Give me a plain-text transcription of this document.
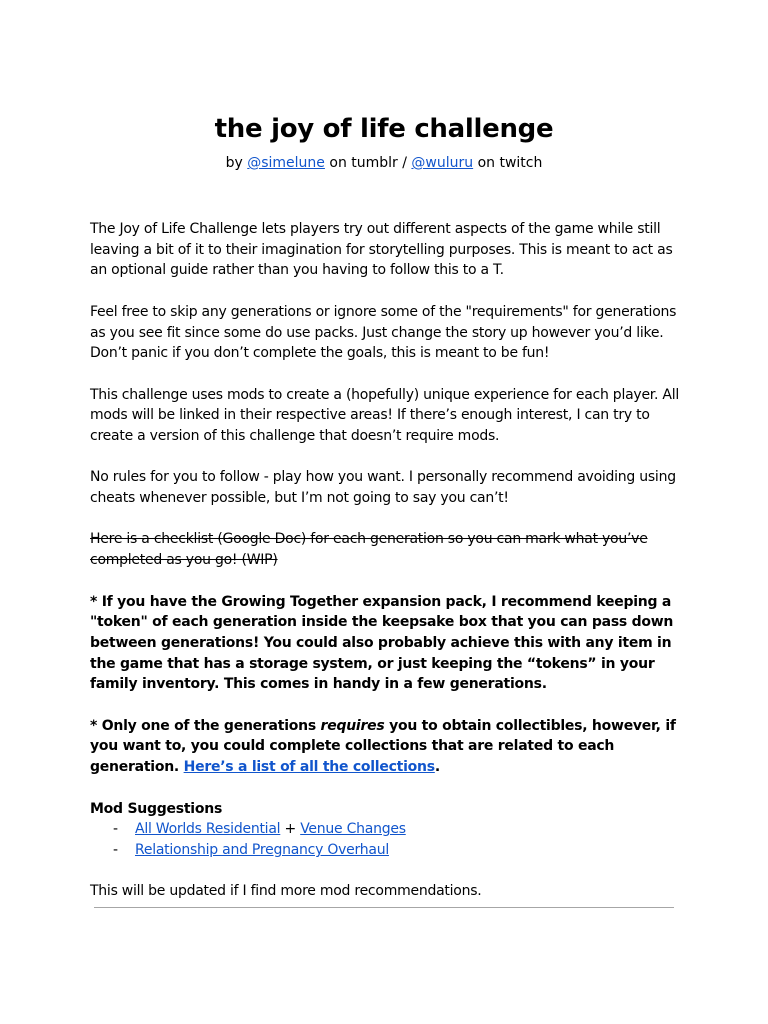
the joy of life challenge
by @simelune on tumblr / @wuluru on twitch

The Joy of Life Challenge lets players try out different aspects of the game while still leaving a bit of it to their imagination for storytelling purposes. This is meant to act as an optional guide rather than you having to follow this to a T.

Feel free to skip any generations or ignore some of the "requirements" for generations as you see fit since some do use packs. Just change the story up however you’d like. Don’t panic if you don’t complete the goals, this is meant to be fun!

This challenge uses mods to create a (hopefully) unique experience for each player. All mods will be linked in their respective areas! If there’s enough interest, I can try to create a version of this challenge that doesn’t require mods.

No rules for you to follow - play how you want. I personally recommend avoiding using cheats whenever possible, but I’m not going to say you can’t!

Here is a checklist (Google Doc) for each generation so you can mark what you’ve completed as you go! (WIP)

* If you have the Growing Together expansion pack, I recommend keeping a "token" of each generation inside the keepsake box that you can pass down between generations! You could also probably achieve this with any item in the game that has a storage system, or just keeping the “tokens” in your family inventory. This comes in handy in a few generations.

* Only one of the generations requires you to obtain collectibles, however, if you want to, you could complete collections that are related to each generation. Here’s a list of all the collections.

Mod Suggestions
- All Worlds Residential + Venue Changes
- Relationship and Pregnancy Overhaul

This will be updated if I find more mod recommendations.
